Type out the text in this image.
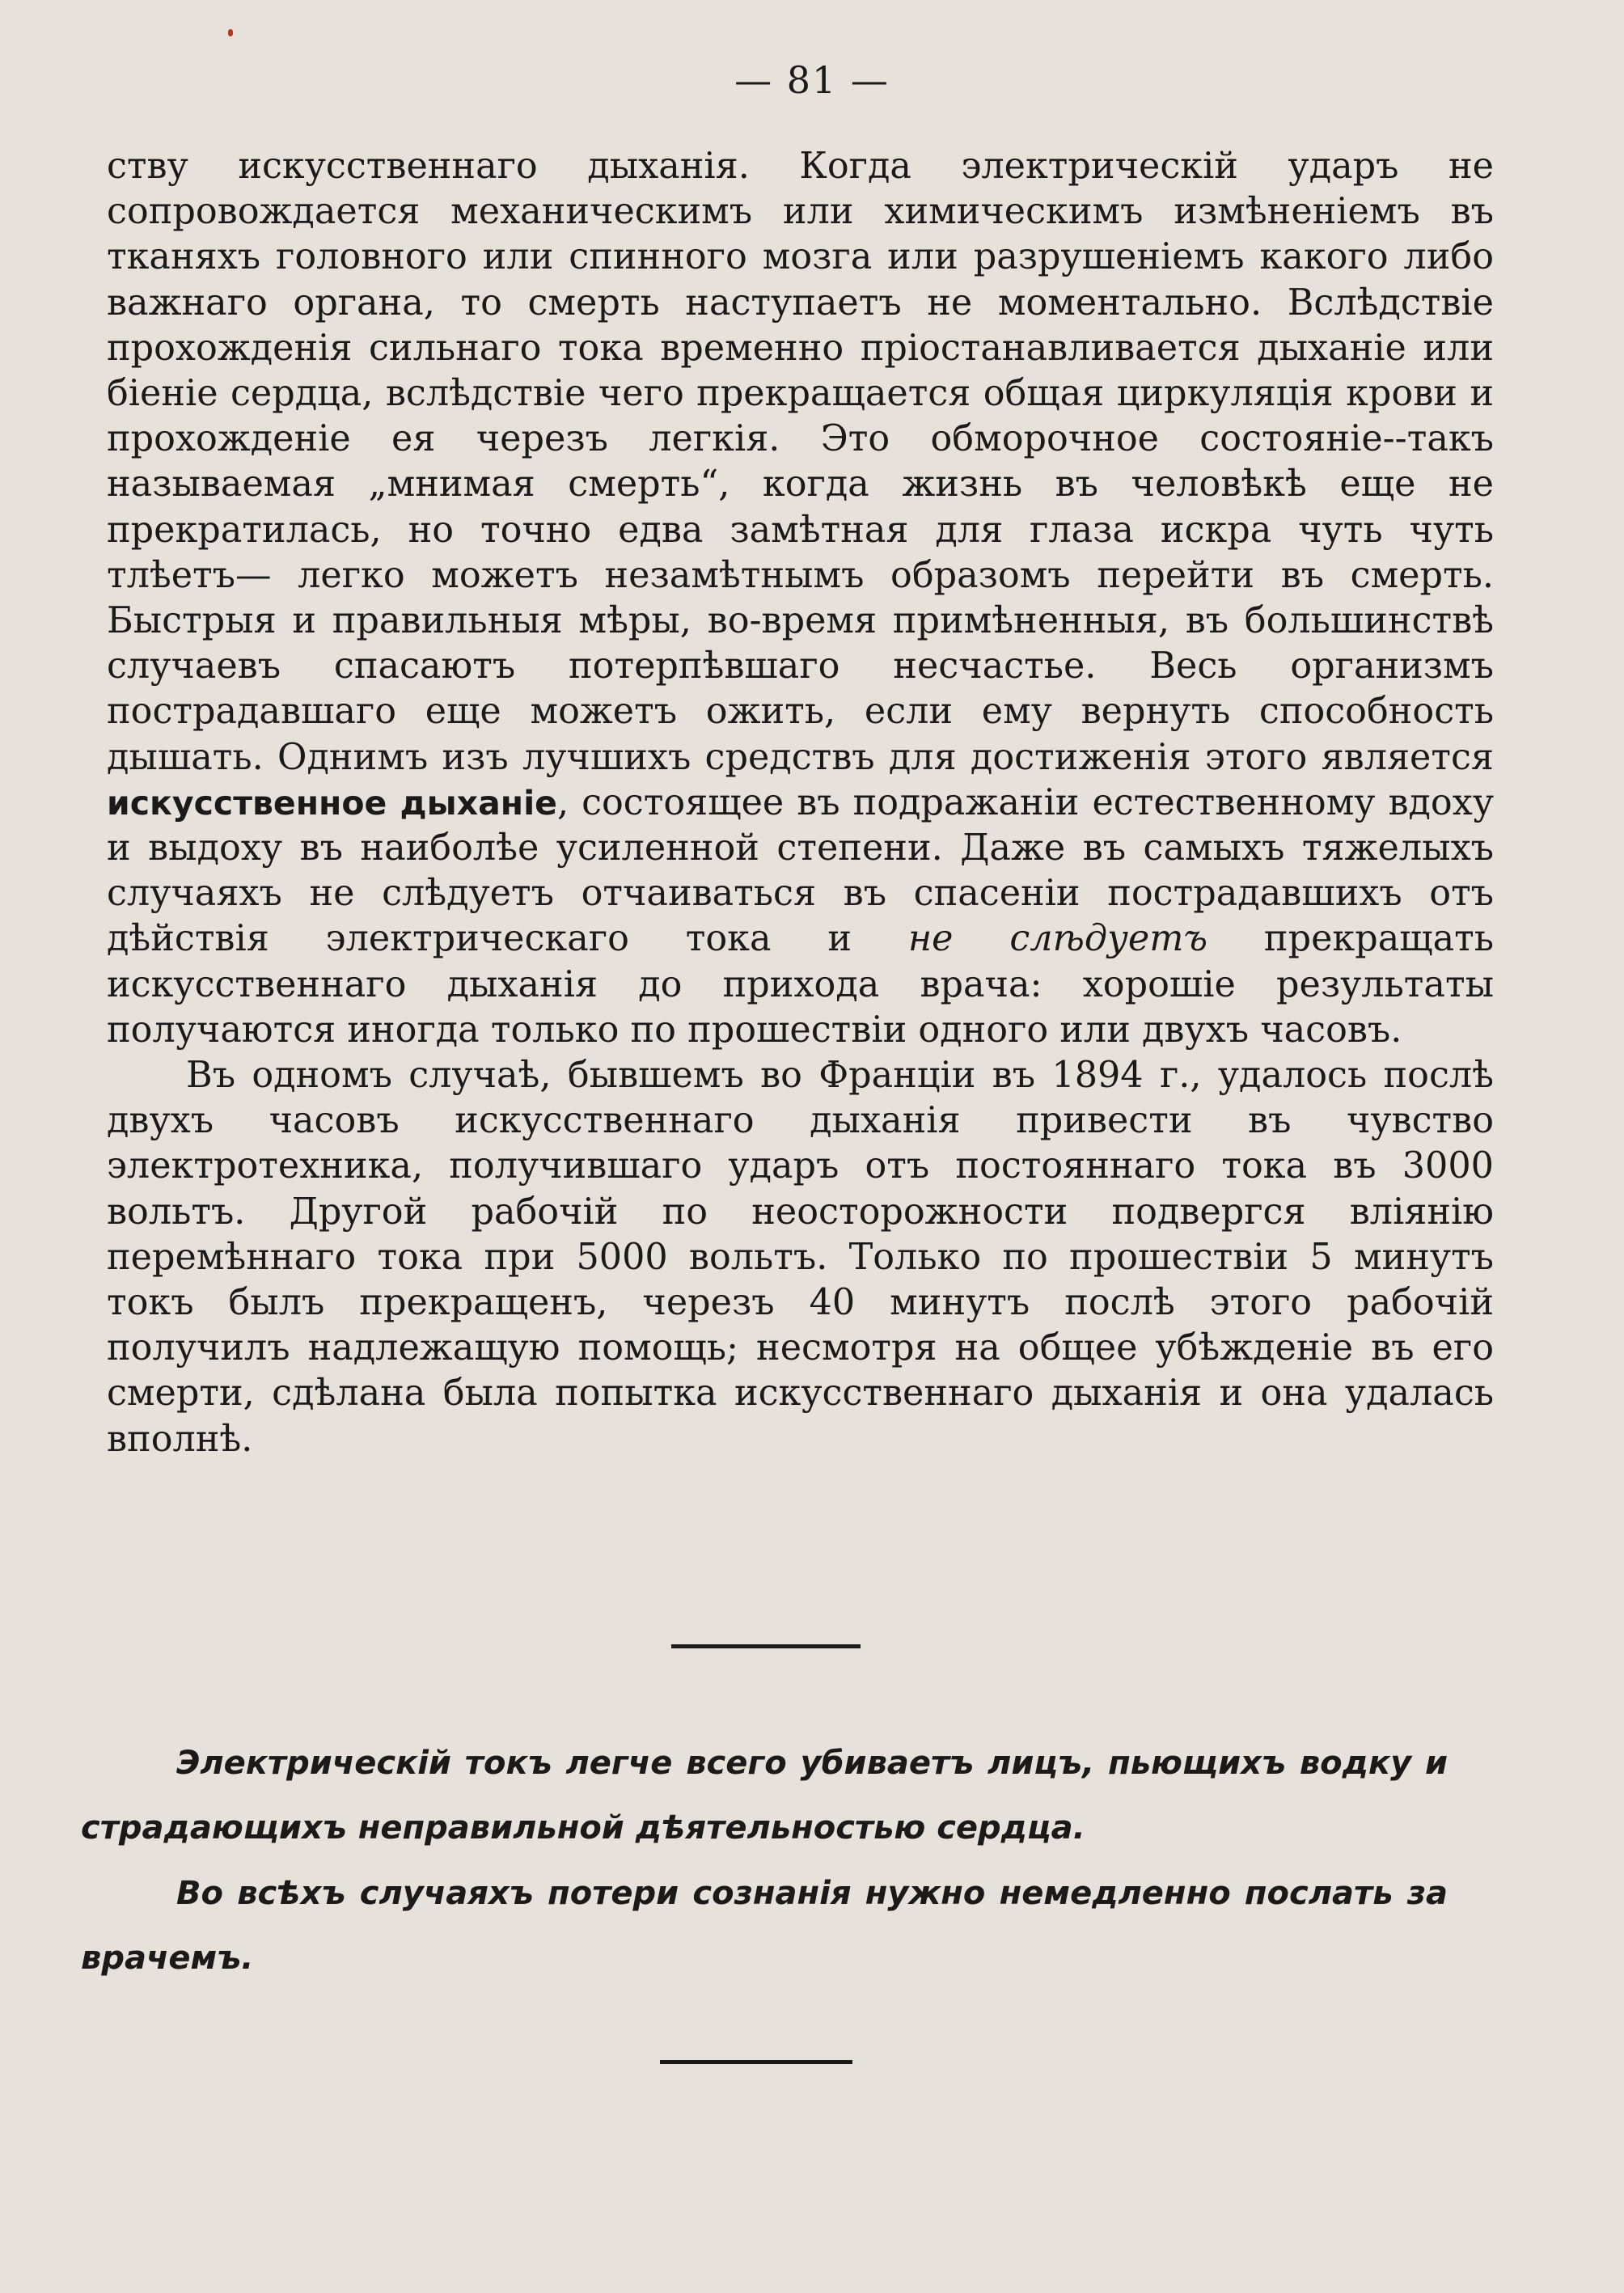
— 81 —

ству искусственнаго дыханія. Когда электрическій ударъ не сопровождается механическимъ или химическимъ измѣненіемъ въ тканяхъ головного или спинного мозга или разрушеніемъ какого либо важнаго органа, то смерть наступаетъ не моментально. Вслѣдствіе прохожденія сильнаго тока временно пріостанавливается дыханіе или біеніе сердца, вслѣдствіе чего прекращается общая циркуляція крови и прохожденіе ея черезъ легкія. Это обморочное состояніе--такъ называемая „мнимая смерть“, когда жизнь въ человѣкѣ еще не прекратилась, но точно едва замѣтная для глаза искра чуть чуть тлѣетъ— легко можетъ незамѣтнымъ образомъ перейти въ смерть. Быстрыя и правильныя мѣры, во-время примѣненныя, въ большинствѣ случаевъ спасаютъ потерпѣвшаго несчастье. Весь организмъ пострадавшаго еще можетъ ожить, если ему вернуть способность дышать. Однимъ изъ лучшихъ средствъ для достиженія этого является искусственное дыханіе, состоящее въ подражаніи естественному вдоху и выдоху въ наиболѣе усиленной степени. Даже въ самыхъ тяжелыхъ случаяхъ не слѣдуетъ отчаиваться въ спасеніи пострадавшихъ отъ дѣйствія электрическаго тока и не слѣдуетъ прекращать искусственнаго дыханія до прихода врача: хорошіе результаты получаются иногда только по прошествіи одного или двухъ часовъ.

Въ одномъ случаѣ, бывшемъ во Франціи въ 1894 г., удалось послѣ двухъ часовъ искусственнаго дыханія привести въ чувство электротехника, получившаго ударъ отъ постояннаго тока въ 3000 вольтъ. Другой рабочій по неосторожности подвергся вліянію перемѣннаго тока при 5000 вольтъ. Только по прошествіи 5 минутъ токъ былъ прекращенъ, черезъ 40 минутъ послѣ этого рабочій получилъ надлежащую помощь; несмотря на общее убѣжденіе въ его смерти, сдѣлана была попытка искусственнаго дыханія и она удалась вполнѣ.

Электрическій токъ легче всего убиваетъ лицъ, пьющихъ водку и страдающихъ неправильной дѣятельностью сердца.

Во всѣхъ случаяхъ потери сознанія нужно немедленно послать за врачемъ.
